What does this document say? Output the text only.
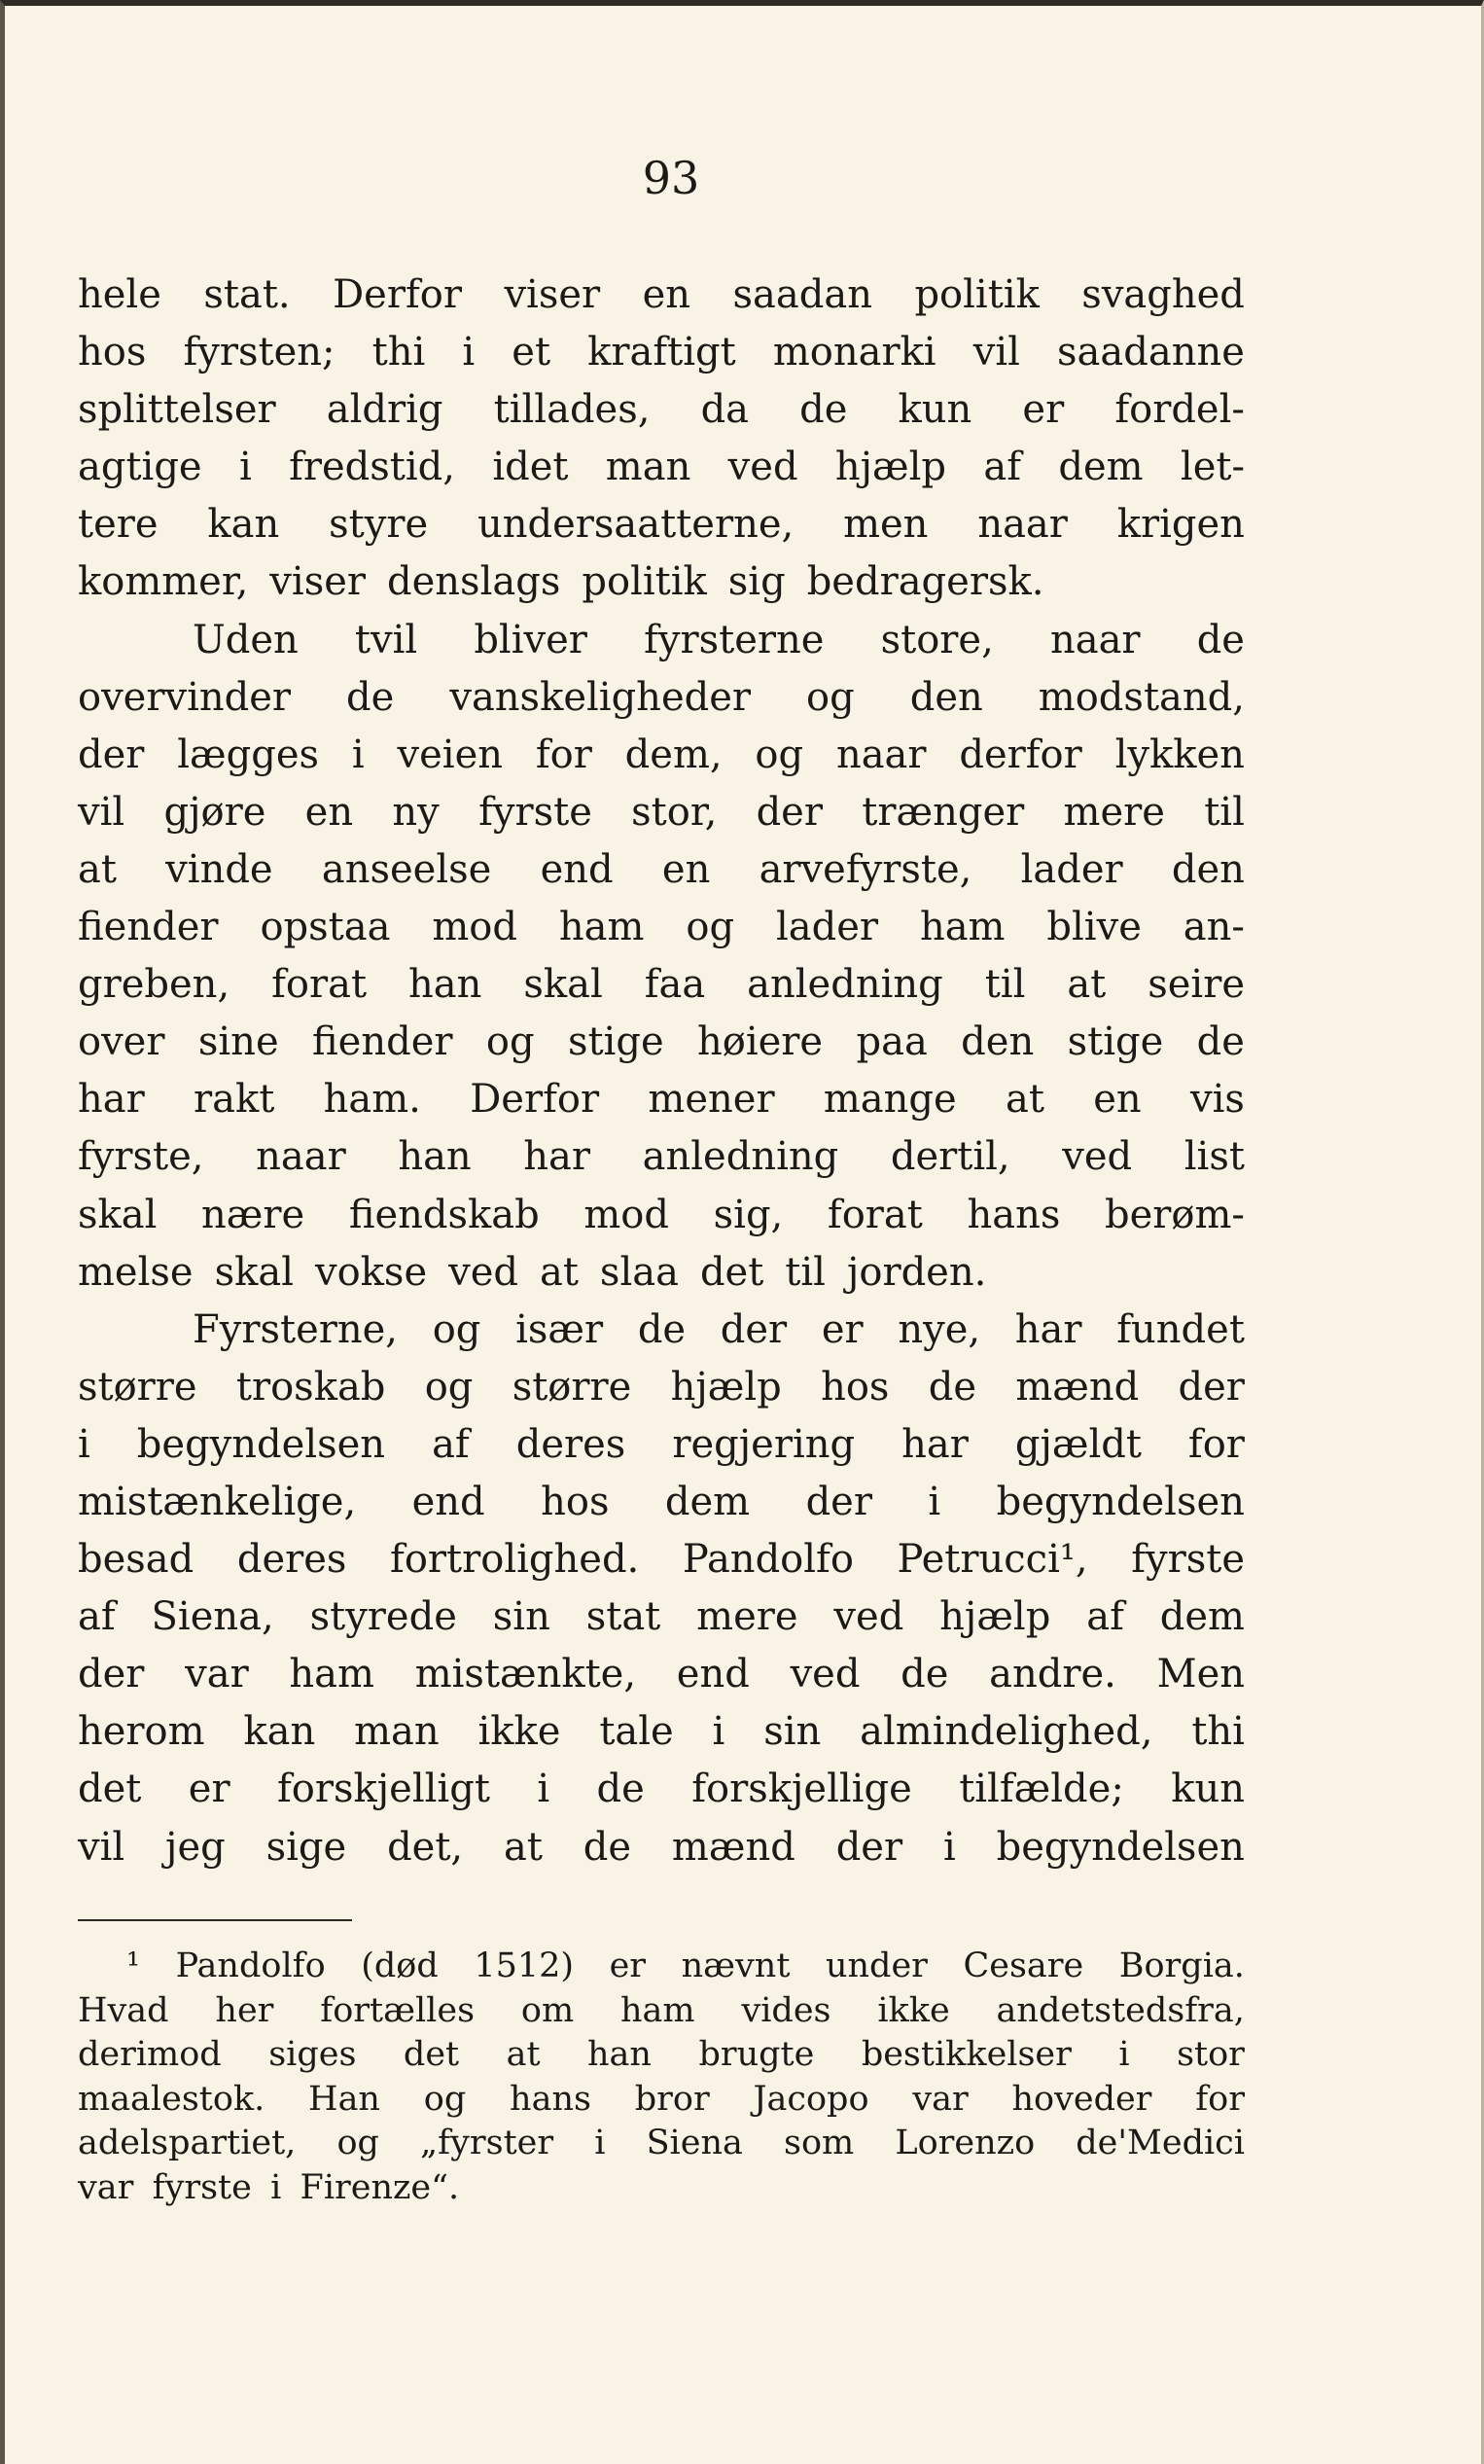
93
hele stat. Derfor viser en saadan politik svaghed
hos fyrsten; thi i et kraftigt monarki vil saadanne
splittelser aldrig tillades, da de kun er fordel-
agtige i fredstid, idet man ved hjælp af dem let-
tere kan styre undersaatterne, men naar krigen
kommer, viser denslags politik sig bedragersk.
Uden tvil bliver fyrsterne store, naar de
overvinder de vanskeligheder og den modstand,
der lægges i veien for dem, og naar derfor lykken
vil gjøre en ny fyrste stor, der trænger mere til
at vinde anseelse end en arvefyrste, lader den
fiender opstaa mod ham og lader ham blive an-
greben, forat han skal faa anledning til at seire
over sine fiender og stige høiere paa den stige de
har rakt ham. Derfor mener mange at en vis
fyrste, naar han har anledning dertil, ved list
skal nære fiendskab mod sig, forat hans berøm-
melse skal vokse ved at slaa det til jorden.
Fyrsterne, og især de der er nye, har fundet
større troskab og større hjælp hos de mænd der
i begyndelsen af deres regjering har gjældt for
mistænkelige, end hos dem der i begyndelsen
besad deres fortrolighed. Pandolfo Petrucci¹, fyrste
af Siena, styrede sin stat mere ved hjælp af dem
der var ham mistænkte, end ved de andre. Men
herom kan man ikke tale i sin almindelighed, thi
det er forskjelligt i de forskjellige tilfælde; kun
vil jeg sige det, at de mænd der i begyndelsen
¹ Pandolfo (død 1512) er nævnt under Cesare Borgia.
Hvad her fortælles om ham vides ikke andetstedsfra,
derimod siges det at han brugte bestikkelser i stor
maalestok. Han og hans bror Jacopo var hoveder for
adelspartiet, og „fyrster i Siena som Lorenzo de'Medici
var fyrste i Firenze“.
